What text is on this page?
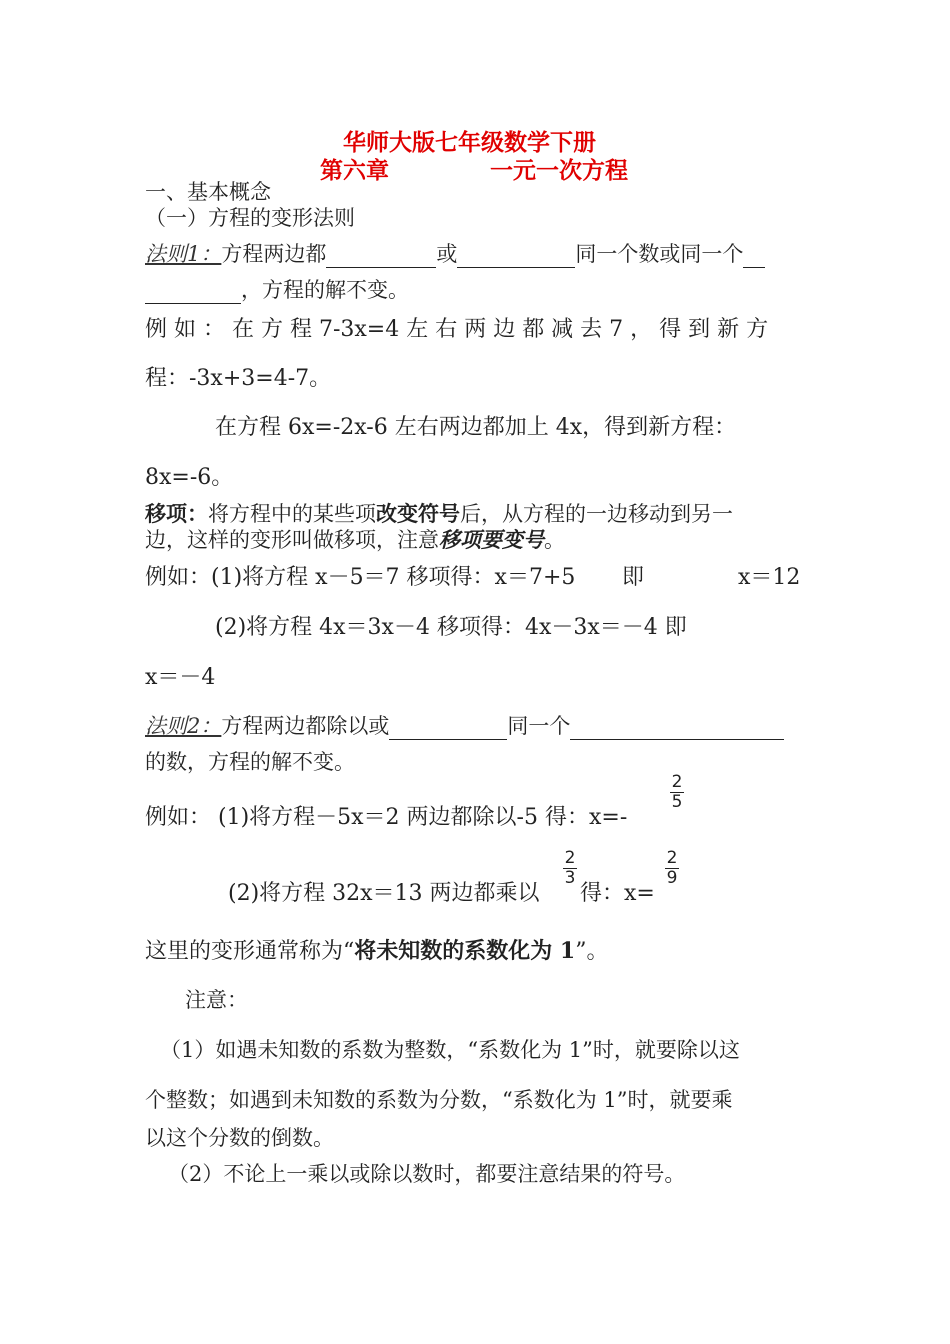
华师大版七年级数学下册
第六章	一元一次方程
一、基本概念
（一）方程的变形法则
法则1：方程两边都	或	同一个数或同一个
，方程的解不变。
例 如 ： 在 方 程 7-3x=4 左 右 两 边 都 减 去 7 ， 得 到 新 方
程：-3x+3=4-7。
在方程 6x=-2x-6 左右两边都加上 4x，得到新方程：
8x=-6。
移项：将方程中的某些项改变符号后，从方程的一边移动到另一
边，这样的变形叫做移项，注意移项要变号。
例如：(1)将方程 x－5＝7 移项得：x＝7+5 即	x＝12
(2)将方程 4x＝3x－4 移项得：4x－3x＝－4 即
x＝－4
法则2：方程两边都除以或	同一个
的数，方程的解不变。
例如： (1)将方程－5x＝2 两边都除以-5 得：x=-
2
5
(2)将方程 32x＝13 两边都乘以
2
3
得：x=
2
9
这里的变形通常称为“将未知数的系数化为 1”。
注意：
（1）如遇未知数的系数为整数，“系数化为 1”时，就要除以这
个整数；如遇到未知数的系数为分数，“系数化为 1”时，就要乘
以这个分数的倒数。
（2）不论上一乘以或除以数时，都要注意结果的符号。
